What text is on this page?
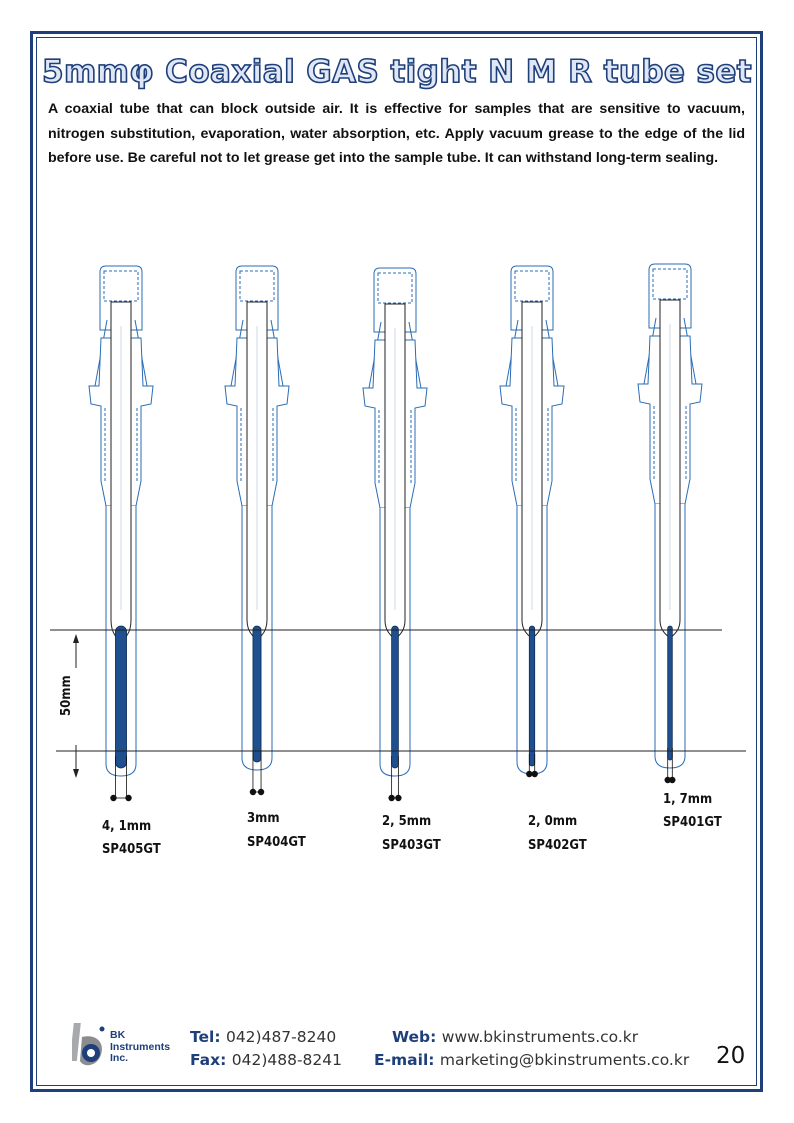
5mmφ Coaxial GAS tight N M R tube set
A coaxial tube that can block outside air. It is effective for samples that are sensitive to vacuum, nitrogen substitution, evaporation, water absorption, etc. Apply vacuum grease to the edge of the lid before use. Be careful not to let grease get into the sample tube. It can withstand long-term sealing.
4, 1mm
SP405GT
3mm
SP404GT
2, 5mm
SP403GT
2, 0mm
SP402GT
1, 7mm
SP401GT
50mm
BK
Instruments
Inc.
Tel: 042)487-8240
Fax: 042)488-8241
Web: www.bkinstruments.co.kr
E-mail: marketing@bkinstruments.co.kr 20
